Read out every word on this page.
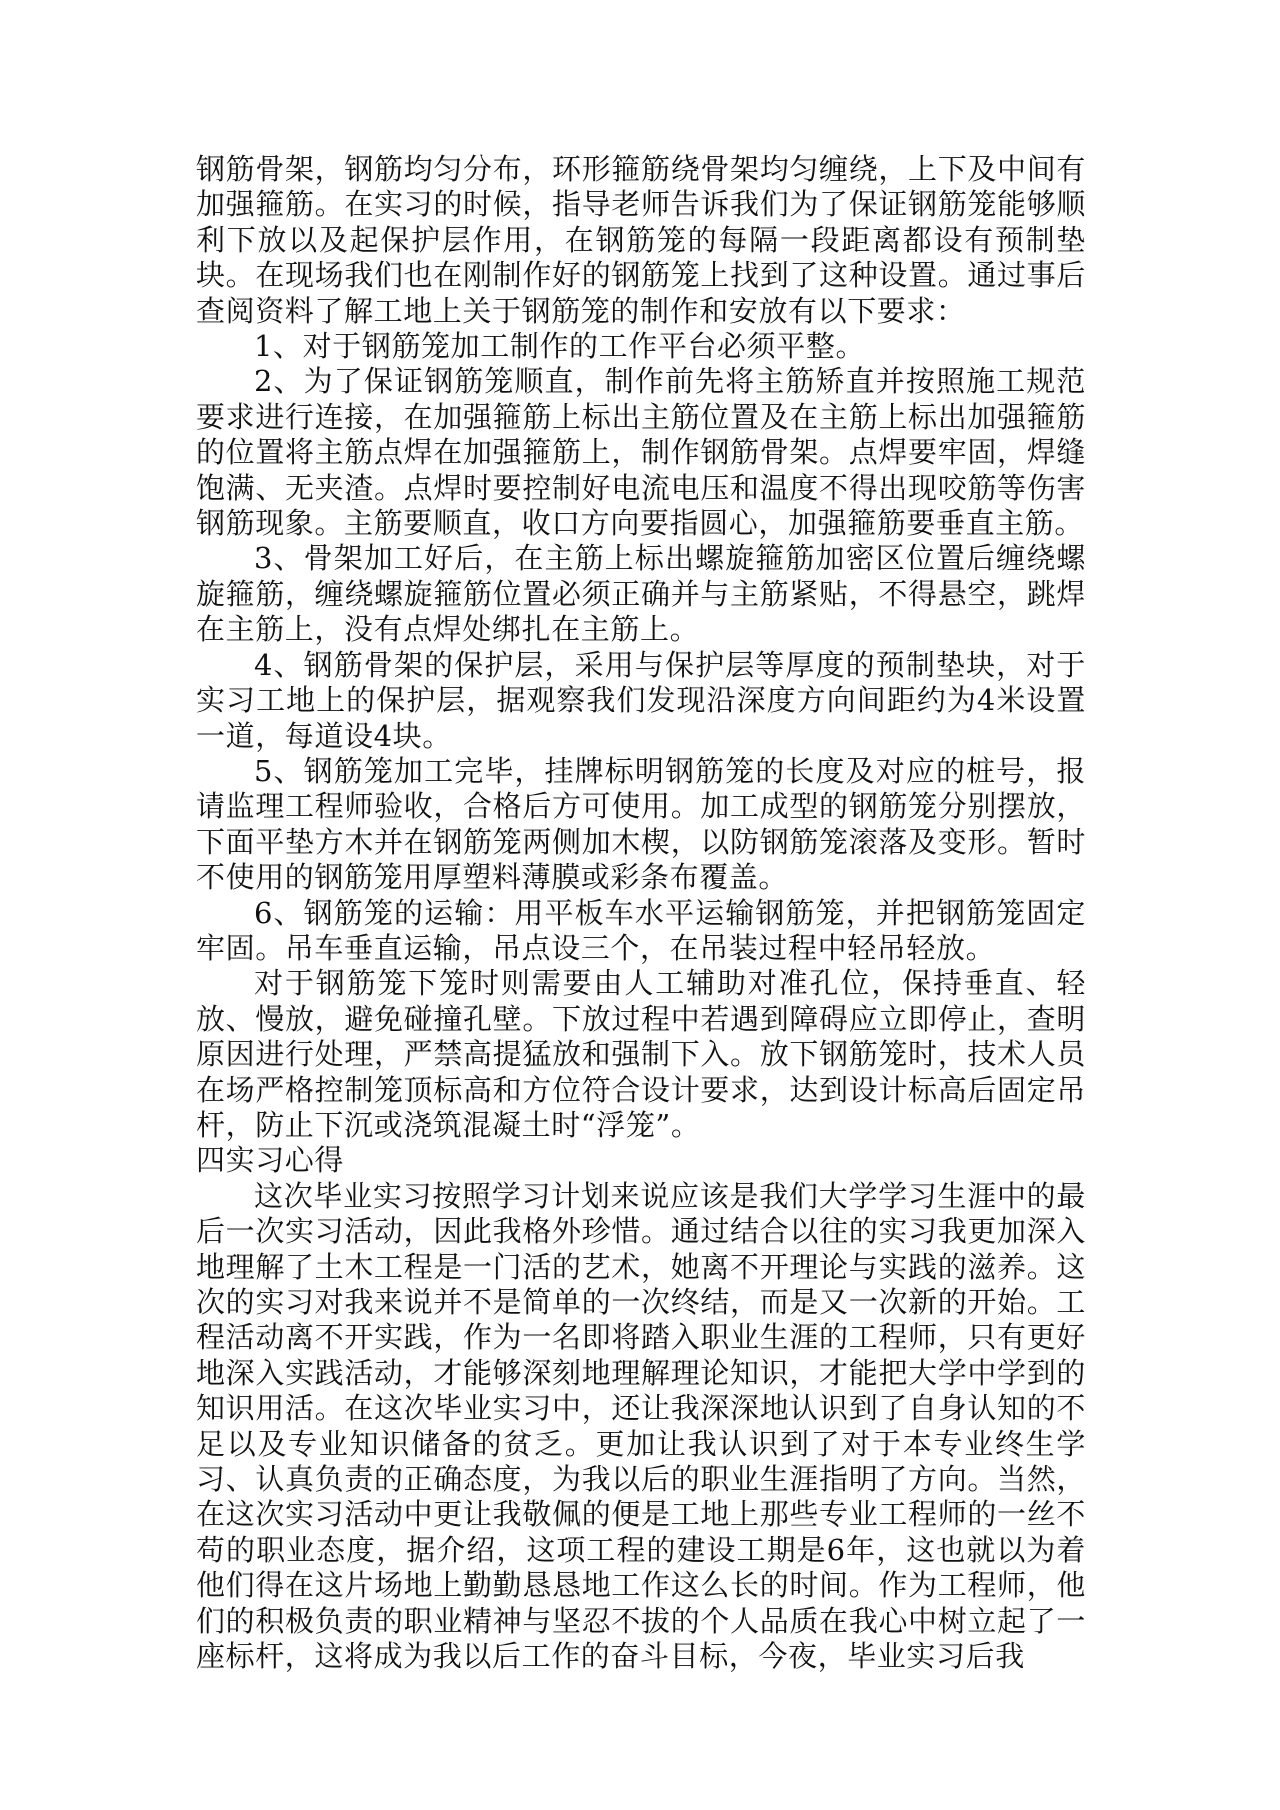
钢筋骨架，钢筋均匀分布，环形箍筋绕骨架均匀缠绕，上下及中间有加强箍筋。在实习的时候，指导老师告诉我们为了保证钢筋笼能够顺利下放以及起保护层作用，在钢筋笼的每隔一段距离都设有预制垫块。在现场我们也在刚制作好的钢筋笼上找到了这种设置。通过事后查阅资料了解工地上关于钢筋笼的制作和安放有以下要求：

1、对于钢筋笼加工制作的工作平台必须平整。

2、为了保证钢筋笼顺直，制作前先将主筋矫直并按照施工规范要求进行连接，在加强箍筋上标出主筋位置及在主筋上标出加强箍筋的位置将主筋点焊在加强箍筋上，制作钢筋骨架。点焊要牢固，焊缝饱满、无夹渣。点焊时要控制好电流电压和温度不得出现咬筋等伤害钢筋现象。主筋要顺直，收口方向要指圆心，加强箍筋要垂直主筋。

3、骨架加工好后，在主筋上标出螺旋箍筋加密区位置后缠绕螺旋箍筋，缠绕螺旋箍筋位置必须正确并与主筋紧贴，不得悬空，跳焊在主筋上，没有点焊处绑扎在主筋上。

4、钢筋骨架的保护层，采用与保护层等厚度的预制垫块，对于实习工地上的保护层，据观察我们发现沿深度方向间距约为4米设置一道，每道设4块。

5、钢筋笼加工完毕，挂牌标明钢筋笼的长度及对应的桩号，报请监理工程师验收，合格后方可使用。加工成型的钢筋笼分别摆放，下面平垫方木并在钢筋笼两侧加木楔，以防钢筋笼滚落及变形。暂时不使用的钢筋笼用厚塑料薄膜或彩条布覆盖。

6、钢筋笼的运输：用平板车水平运输钢筋笼，并把钢筋笼固定牢固。吊车垂直运输，吊点设三个，在吊装过程中轻吊轻放。

对于钢筋笼下笼时则需要由人工辅助对准孔位，保持垂直、轻放、慢放，避免碰撞孔壁。下放过程中若遇到障碍应立即停止，查明原因进行处理，严禁高提猛放和强制下入。放下钢筋笼时，技术人员在场严格控制笼顶标高和方位符合设计要求，达到设计标高后固定吊杆，防止下沉或浇筑混凝土时“浮笼”。

四实习心得

这次毕业实习按照学习计划来说应该是我们大学学习生涯中的最后一次实习活动，因此我格外珍惜。通过结合以往的实习我更加深入地理解了土木工程是一门活的艺术，她离不开理论与实践的滋养。这次的实习对我来说并不是简单的一次终结，而是又一次新的开始。工程活动离不开实践，作为一名即将踏入职业生涯的工程师，只有更好地深入实践活动，才能够深刻地理解理论知识，才能把大学中学到的知识用活。在这次毕业实习中，还让我深深地认识到了自身认知的不足以及专业知识储备的贫乏。更加让我认识到了对于本专业终生学习、认真负责的正确态度，为我以后的职业生涯指明了方向。当然，在这次实习活动中更让我敬佩的便是工地上那些专业工程师的一丝不苟的职业态度，据介绍，这项工程的建设工期是6年，这也就以为着他们得在这片场地上勤勤恳恳地工作这么长的时间。作为工程师，他们的积极负责的职业精神与坚忍不拔的个人品质在我心中树立起了一座标杆，这将成为我以后工作的奋斗目标，今夜，毕业实习后我
